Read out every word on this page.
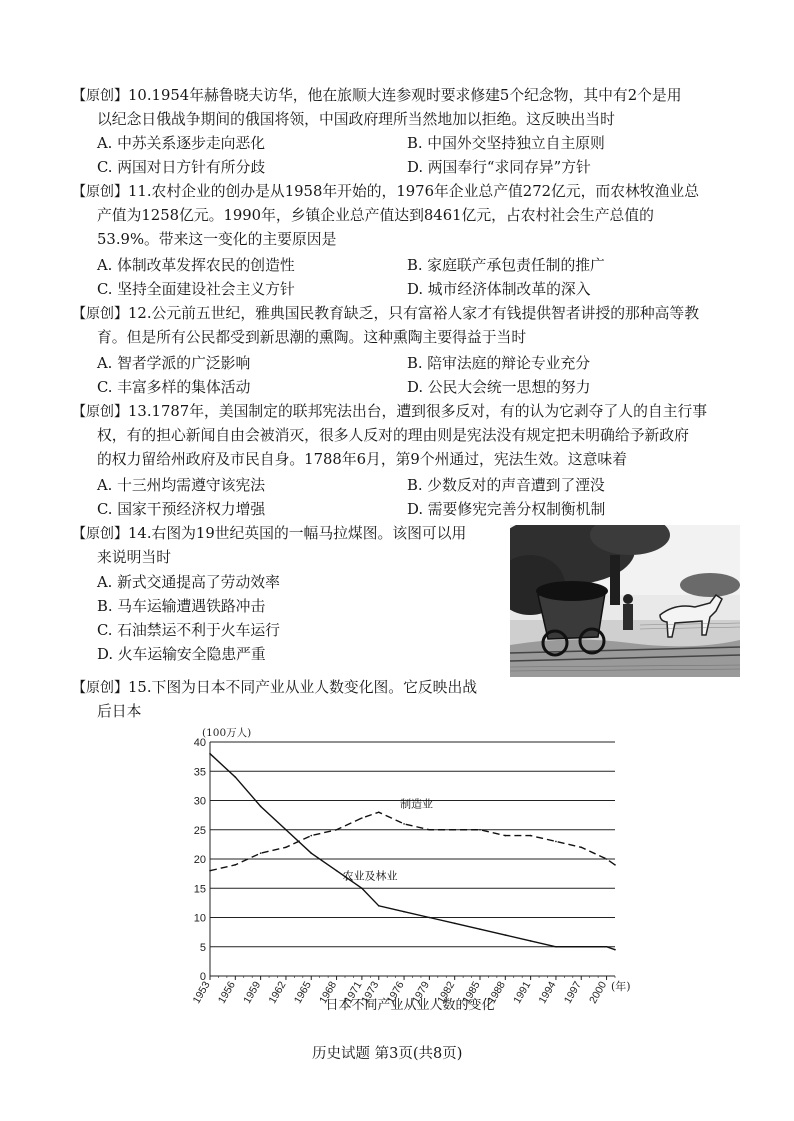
【原创】10.1954年赫鲁晓夫访华，他在旅顺大连参观时要求修建5个纪念物，其中有2个是用
以纪念日俄战争期间的俄国将领，中国政府理所当然地加以拒绝。这反映出当时
A. 中苏关系逐步走向恶化	B. 中国外交坚持独立自主原则
C. 两国对日方针有所分歧	D. 两国奉行“求同存异”方针
【原创】11.农村企业的创办是从1958年开始的，1976年企业总产值272亿元，而农林牧渔业总
产值为1258亿元。1990年，乡镇企业总产值达到8461亿元，占农村社会生产总值的
53.9%。带来这一变化的主要原因是
A. 体制改革发挥农民的创造性	B. 家庭联产承包责任制的推广
C. 坚持全面建设社会主义方针	D. 城市经济体制改革的深入
【原创】12.公元前五世纪，雅典国民教育缺乏，只有富裕人家才有钱提供智者讲授的那种高等教
育。但是所有公民都受到新思潮的熏陶。这种熏陶主要得益于当时
A. 智者学派的广泛影响	B. 陪审法庭的辩论专业充分
C. 丰富多样的集体活动	D. 公民大会统一思想的努力
【原创】13.1787年，美国制定的联邦宪法出台，遭到很多反对，有的认为它剥夺了人的自主行事
权，有的担心新闻自由会被消灭，很多人反对的理由则是宪法没有规定把未明确给予新政府
的权力留给州政府及市民自身。1788年6月，第9个州通过，宪法生效。这意味着
A. 十三州均需遵守该宪法	B. 少数反对的声音遭到了湮没
C. 国家干预经济权力增强	D. 需要修宪完善分权制衡机制
【原创】14.右图为19世纪英国的一幅马拉煤图。该图可以用
来说明当时
A. 新式交通提高了劳动效率
B. 马车运输遭遇铁路冲击
C. 石油禁运不利于火车运行
D. 火车运输安全隐患严重
【原创】15.下图为日本不同产业从业人数变化图。它反映出战
后日本
0
5
10
15
20
25
30
35
40
(100万人)
1953 1956 1959 1962 1965 1968 1971
1973 1976 1979 1982 1985 1988 1991 1994 1997 2000 (年)
制造业
农业及林业
日本不同产业从业人数的变化
历史试题 第3页(共8页)
